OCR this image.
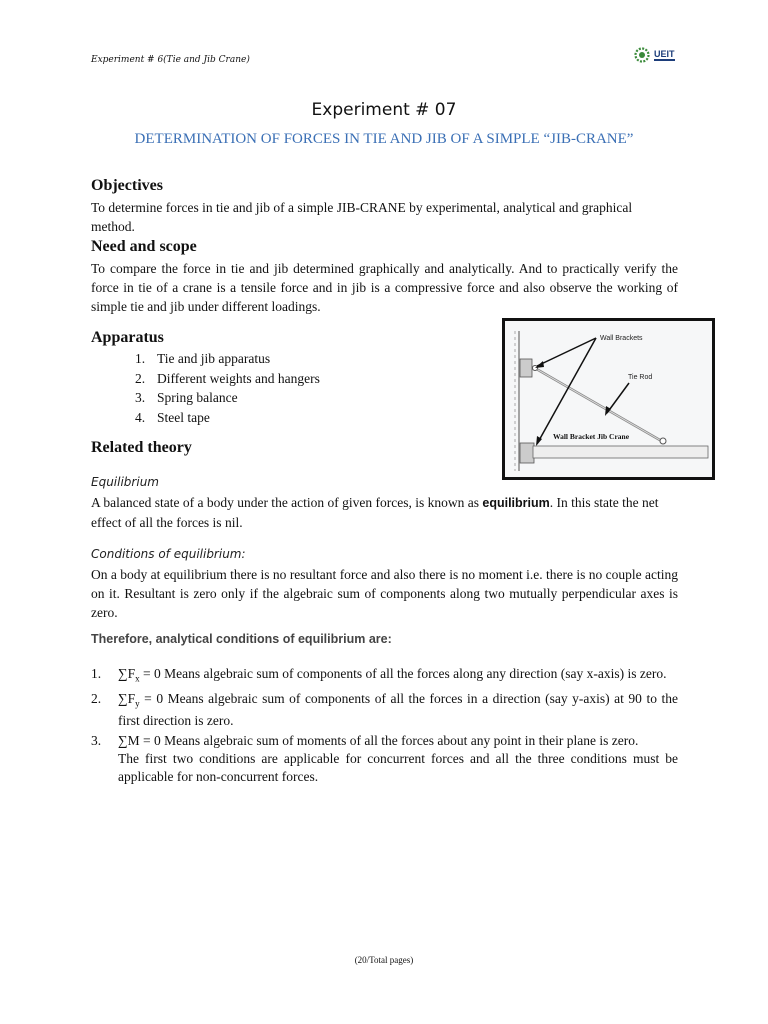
Experiment # 6(Tie and Jib Crane)
UEIT
Experiment # 07
DETERMINATION OF FORCES IN TIE AND JIB OF A SIMPLE “JIB-CRANE”
Objectives
To determine forces in tie and jib of a simple JIB-CRANE by experimental, analytical and graphical method.
Need and scope
To compare the force in tie and jib determined graphically and analytically. And to practically verify the force in tie of a crane is a tensile force and in jib is a compressive force and also observe the working of simple tie and jib under different loadings.
Apparatus
1. Tie and jib apparatus
2. Different weights and hangers
3. Spring balance
4. Steel tape
Wall Brackets
Tie Rod
Wall Bracket Jib Crane
Related theory
Equilibrium
A balanced state of a body under the action of given forces, is known as equilibrium. In this state the net effect of all the forces is nil.
Conditions of equilibrium:
On a body at equilibrium there is no resultant force and also there is no moment i.e. there is no couple acting on it. Resultant is zero only if the algebraic sum of components along two mutually perpendicular axes is zero.
Therefore, analytical conditions of equilibrium are:
1.	$\sum F_x = 0$ Means algebraic sum of components of all the forces along any direction (say x-axis) is zero.
2.	$\sum F_y = 0$ Means algebraic sum of components of all the forces in a direction (say y-axis) at 90 to the first direction is zero.
3.	∑M = 0 Means algebraic sum of moments of all the forces about any point in their plane is zero.
The first two conditions are applicable for concurrent forces and all the three conditions must be applicable for non-concurrent forces.
(20/Total pages)
